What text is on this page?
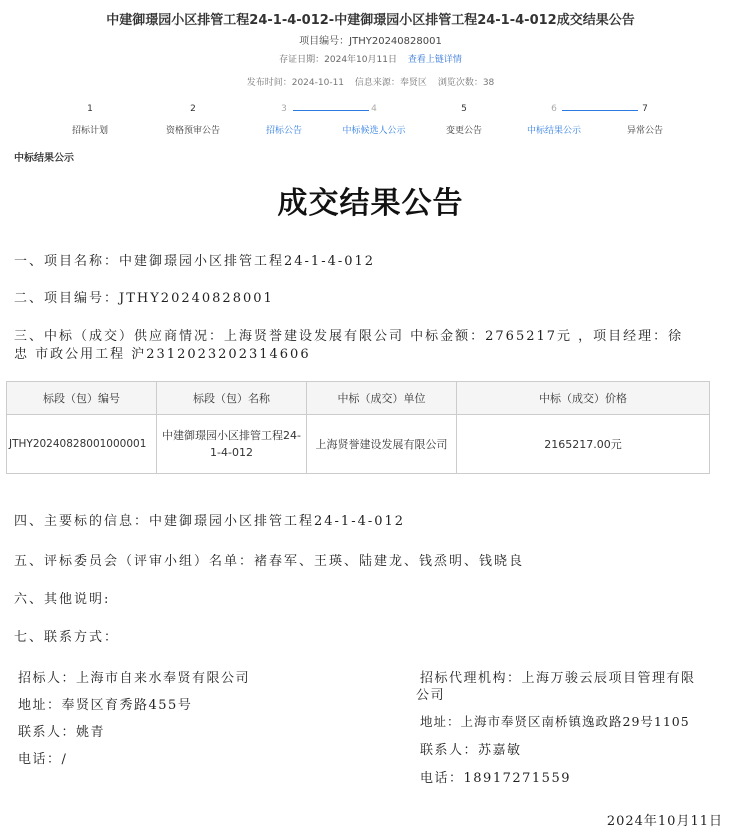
中建御璟园小区排管工程24-1-4-012-中建御璟园小区排管工程24-1-4-012成交结果公告
项目编号：JTHY20240828001
存证日期：2024年10月11日 查看上链详情
发布时间：2024-10-11 信息来源：奉贤区 浏览次数：38
1
招标计划
2
资格预审公告
3
招标公告
4
中标候选人公示
5
变更公告
6
中标结果公示
7
异常公告
中标结果公示
成交结果公告
一、项目名称：中建御璟园小区排管工程24-1-4-012
二、项目编号：JTHY20240828001
三、中标（成交）供应商情况：上海贤誉建设发展有限公司 中标金额：2765217元 ，项目经理：徐
忠 市政公用工程 沪2312023202314606
标段（包）编号	标段（包）名称	中标（成交）单位	中标（成交）价格
JTHY20240828001000001	中建御璟园小区排管工程24-1-4-012	上海贤誉建设发展有限公司	2165217.00元
四、主要标的信息：中建御璟园小区排管工程24-1-4-012
五、评标委员会（评审小组）名单：褚春军、王瑛、陆建龙、钱烝明、钱晓良
六、其他说明:
七、联系方式：
招标人：上海市自来水奉贤有限公司
地址：奉贤区育秀路455号
联系人：姚青
电话：/
招标代理机构：上海万骏云辰项目管理有限
公司
地址：上海市奉贤区南桥镇逸政路29号1105
联系人：苏嘉敏
电话：18917271559
2024年10月11日
